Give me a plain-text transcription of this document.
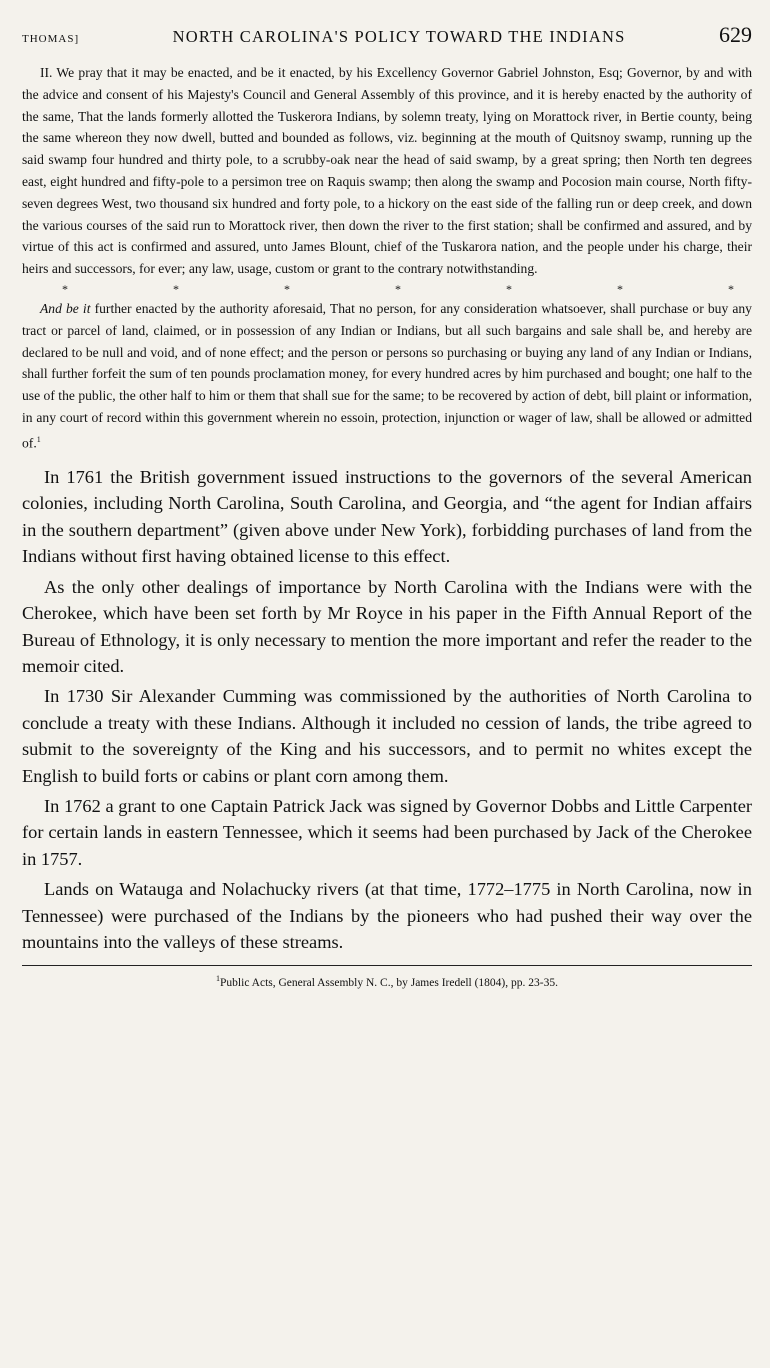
THOMAS]	NORTH CAROLINA'S POLICY TOWARD THE INDIANS	629

II. We pray that it may be enacted, and be it enacted, by his Excellency Governor Gabriel Johnston, Esq; Governor, by and with the advice and consent of his Majesty's Council and General Assembly of this province, and it is hereby enacted by the authority of the same, That the lands formerly allotted the Tuskerora Indians, by solemn treaty, lying on Morattock river, in Bertie county, being the same whereon they now dwell, butted and bounded as follows, viz. beginning at the mouth of Quitsnoy swamp, running up the said swamp four hundred and thirty pole, to a scrubby-oak near the head of said swamp, by a great spring; then North ten degrees east, eight hundred and fifty-pole to a persimon tree on Raquis swamp; then along the swamp and Pocosion main course, North fifty-seven degrees West, two thousand six hundred and forty pole, to a hickory on the east side of the falling run or deep creek, and down the various courses of the said run to Morattock river, then down the river to the first station; shall be confirmed and assured, and by virtue of this act is confirmed and assured, unto James Blount, chief of the Tuskarora nation, and the people under his charge, their heirs and successors, for ever; any law, usage, custom or grant to the contrary notwithstanding.

*	*	*	*	*	*	*

And be it further enacted by the authority aforesaid, That no person, for any consideration whatsoever, shall purchase or buy any tract or parcel of land, claimed, or in possession of any Indian or Indians, but all such bargains and sale shall be, and hereby are declared to be null and void, and of none effect; and the person or persons so purchasing or buying any land of any Indian or Indians, shall further forfeit the sum of ten pounds proclamation money, for every hundred acres by him purchased and bought; one half to the use of the public, the other half to him or them that shall sue for the same; to be recovered by action of debt, bill plaint or information, in any court of record within this government wherein no essoin, protection, injunction or wager of law, shall be allowed or admitted of.$^1$

In 1761 the British government issued instructions to the governors of the several American colonies, including North Carolina, South Carolina, and Georgia, and “the agent for Indian affairs in the southern department” (given above under New York), forbidding purchases of land from the Indians without first having obtained license to this effect.

As the only other dealings of importance by North Carolina with the Indians were with the Cherokee, which have been set forth by Mr Royce in his paper in the Fifth Annual Report of the Bureau of Ethnology, it is only necessary to mention the more important and refer the reader to the memoir cited.

In 1730 Sir Alexander Cumming was commissioned by the authorities of North Carolina to conclude a treaty with these Indians. Although it included no cession of lands, the tribe agreed to submit to the sovereignty of the King and his successors, and to permit no whites except the English to build forts or cabins or plant corn among them.

In 1762 a grant to one Captain Patrick Jack was signed by Governor Dobbs and Little Carpenter for certain lands in eastern Tennessee, which it seems had been purchased by Jack of the Cherokee in 1757.

Lands on Watauga and Nolachucky rivers (at that time, 1772–1775 in North Carolina, now in Tennessee) were purchased of the Indians by the pioneers who had pushed their way over the mountains into the valleys of these streams.

$^1$Public Acts, General Assembly N. C., by James Iredell (1804), pp. 23-35.
